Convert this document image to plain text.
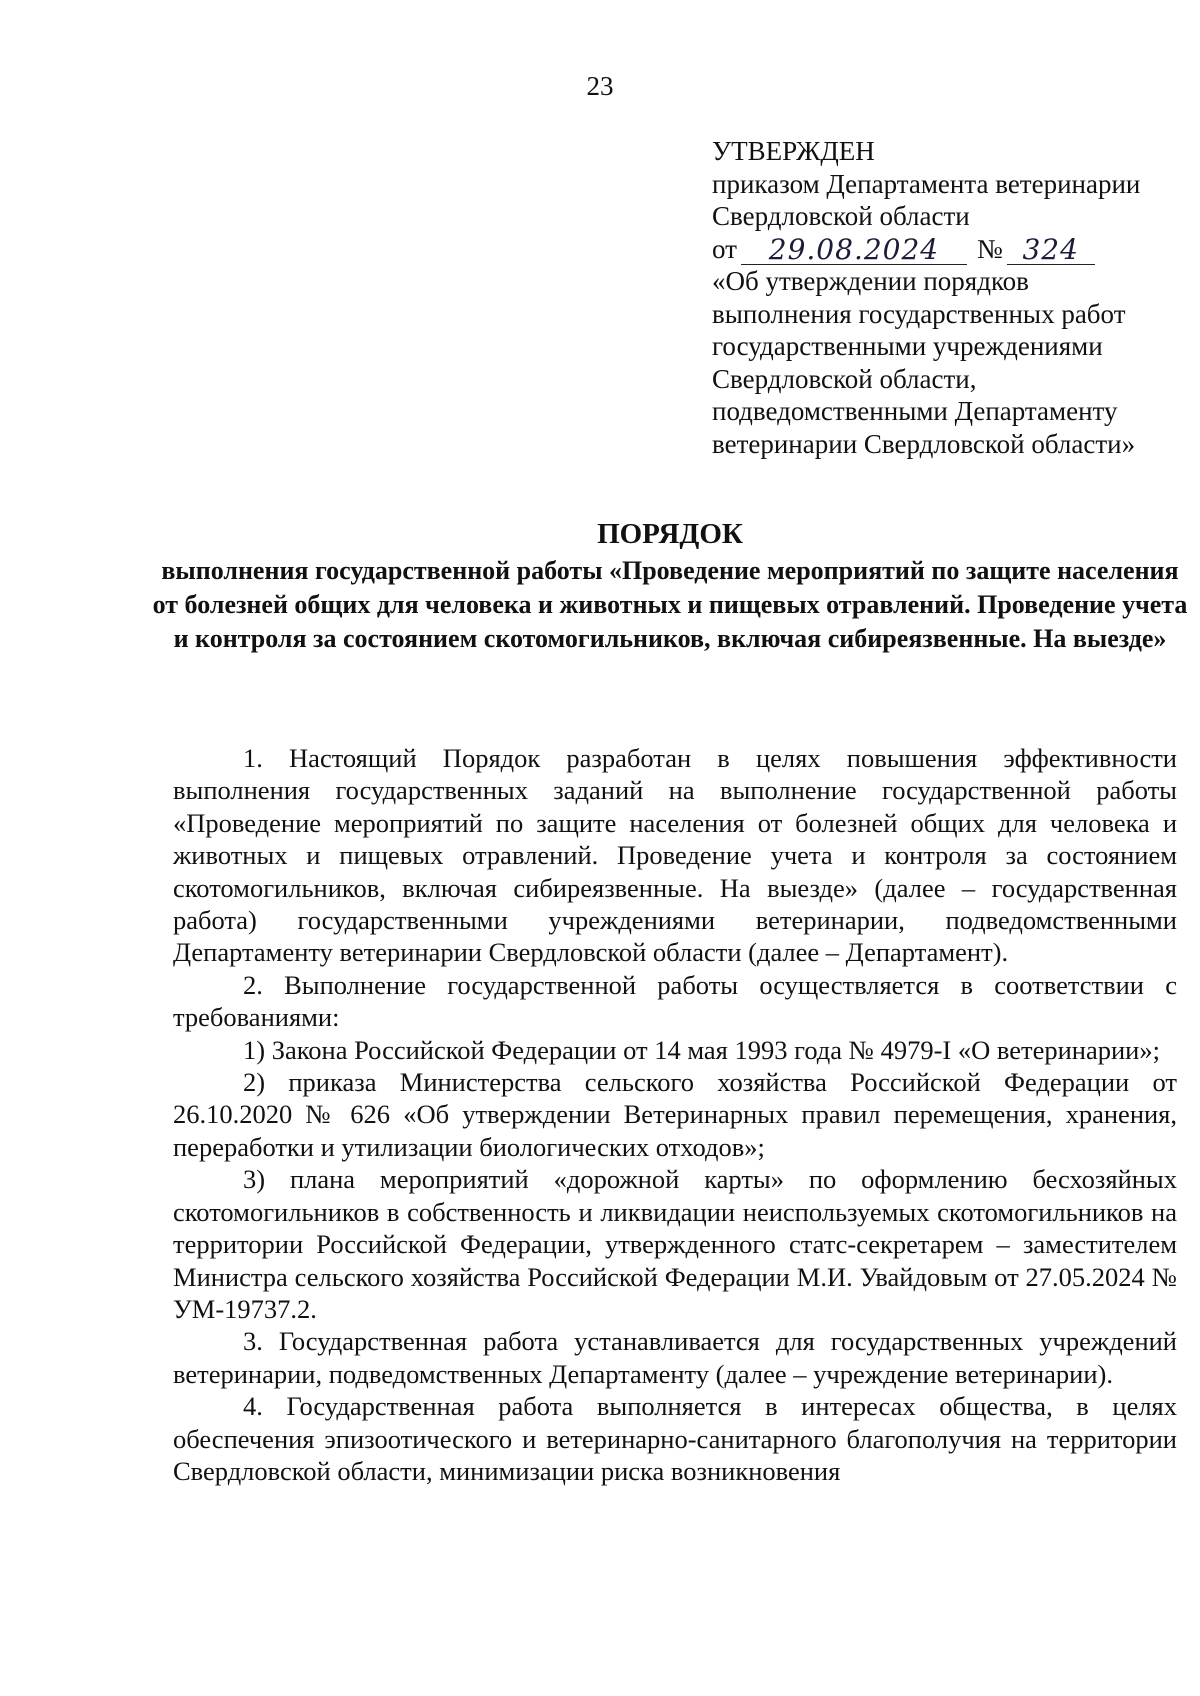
23
УТВЕРЖДЕН
приказом Департамента ветеринарии
Свердловской области
от	29.08.2024	№ 324
«Об утверждении порядков
выполнения государственных работ
государственными учреждениями
Свердловской области,
подведомственными Департаменту
ветеринарии Свердловской области»
ПОРЯДОК
выполнения государственной работы «Проведение мероприятий по защите населения от болезней общих для человека и животных и пищевых отравлений. Проведение учета и контроля за состоянием скотомогильников, включая сибиреязвенные. На выезде»

1. Настоящий Порядок разработан в целях повышения эффективности выполнения государственных заданий на выполнение государственной работы «Проведение мероприятий по защите населения от болезней общих для человека и животных и пищевых отравлений. Проведение учета и контроля за состоянием скотомогильников, включая сибиреязвенные. На выезде» (далее – государственная работа) государственными учреждениями ветеринарии, подведомственными Департаменту ветеринарии Свердловской области (далее – Департамент).

2. Выполнение государственной работы осуществляется в соответствии с требованиями:

1) Закона Российской Федерации от 14 мая 1993 года № 4979-I «О ветеринарии»;

2) приказа Министерства сельского хозяйства Российской Федерации от 26.10.2020 № 626 «Об утверждении Ветеринарных правил перемещения, хранения, переработки и утилизации биологических отходов»;

3) плана мероприятий «дорожной карты» по оформлению бесхозяйных скотомогильников в собственность и ликвидации неиспользуемых скотомогильников на территории Российской Федерации, утвержденного статс-секретарем – заместителем Министра сельского хозяйства Российской Федерации М.И. Увайдовым от 27.05.2024 № УМ-19737.2.

3. Государственная работа устанавливается для государственных учреждений ветеринарии, подведомственных Департаменту (далее – учреждение ветеринарии).

4. Государственная работа выполняется в интересах общества, в целях обеспечения эпизоотического и ветеринарно-санитарного благополучия на территории Свердловской области, минимизации риска возникновения
